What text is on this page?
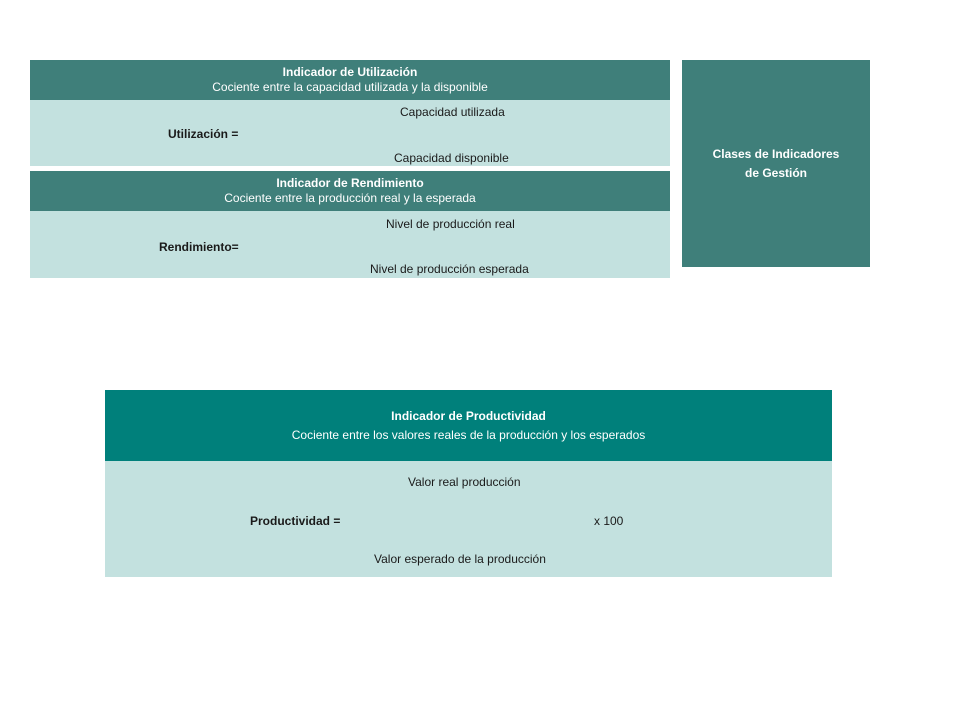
Indicador de Utilización
Cociente entre la capacidad utilizada y la disponible
Capacidad utilizada
Utilización =
Capacidad disponible
Indicador de Rendimiento
Cociente entre la producción real y la esperada
Nivel de producción real
Rendimiento=
Nivel de producción esperada
Clases de Indicadores
de Gestión
Indicador de Productividad
Cociente entre los valores reales de la producción y los esperados
Valor real producción
Productividad =	x 100
Valor esperado de la producción
